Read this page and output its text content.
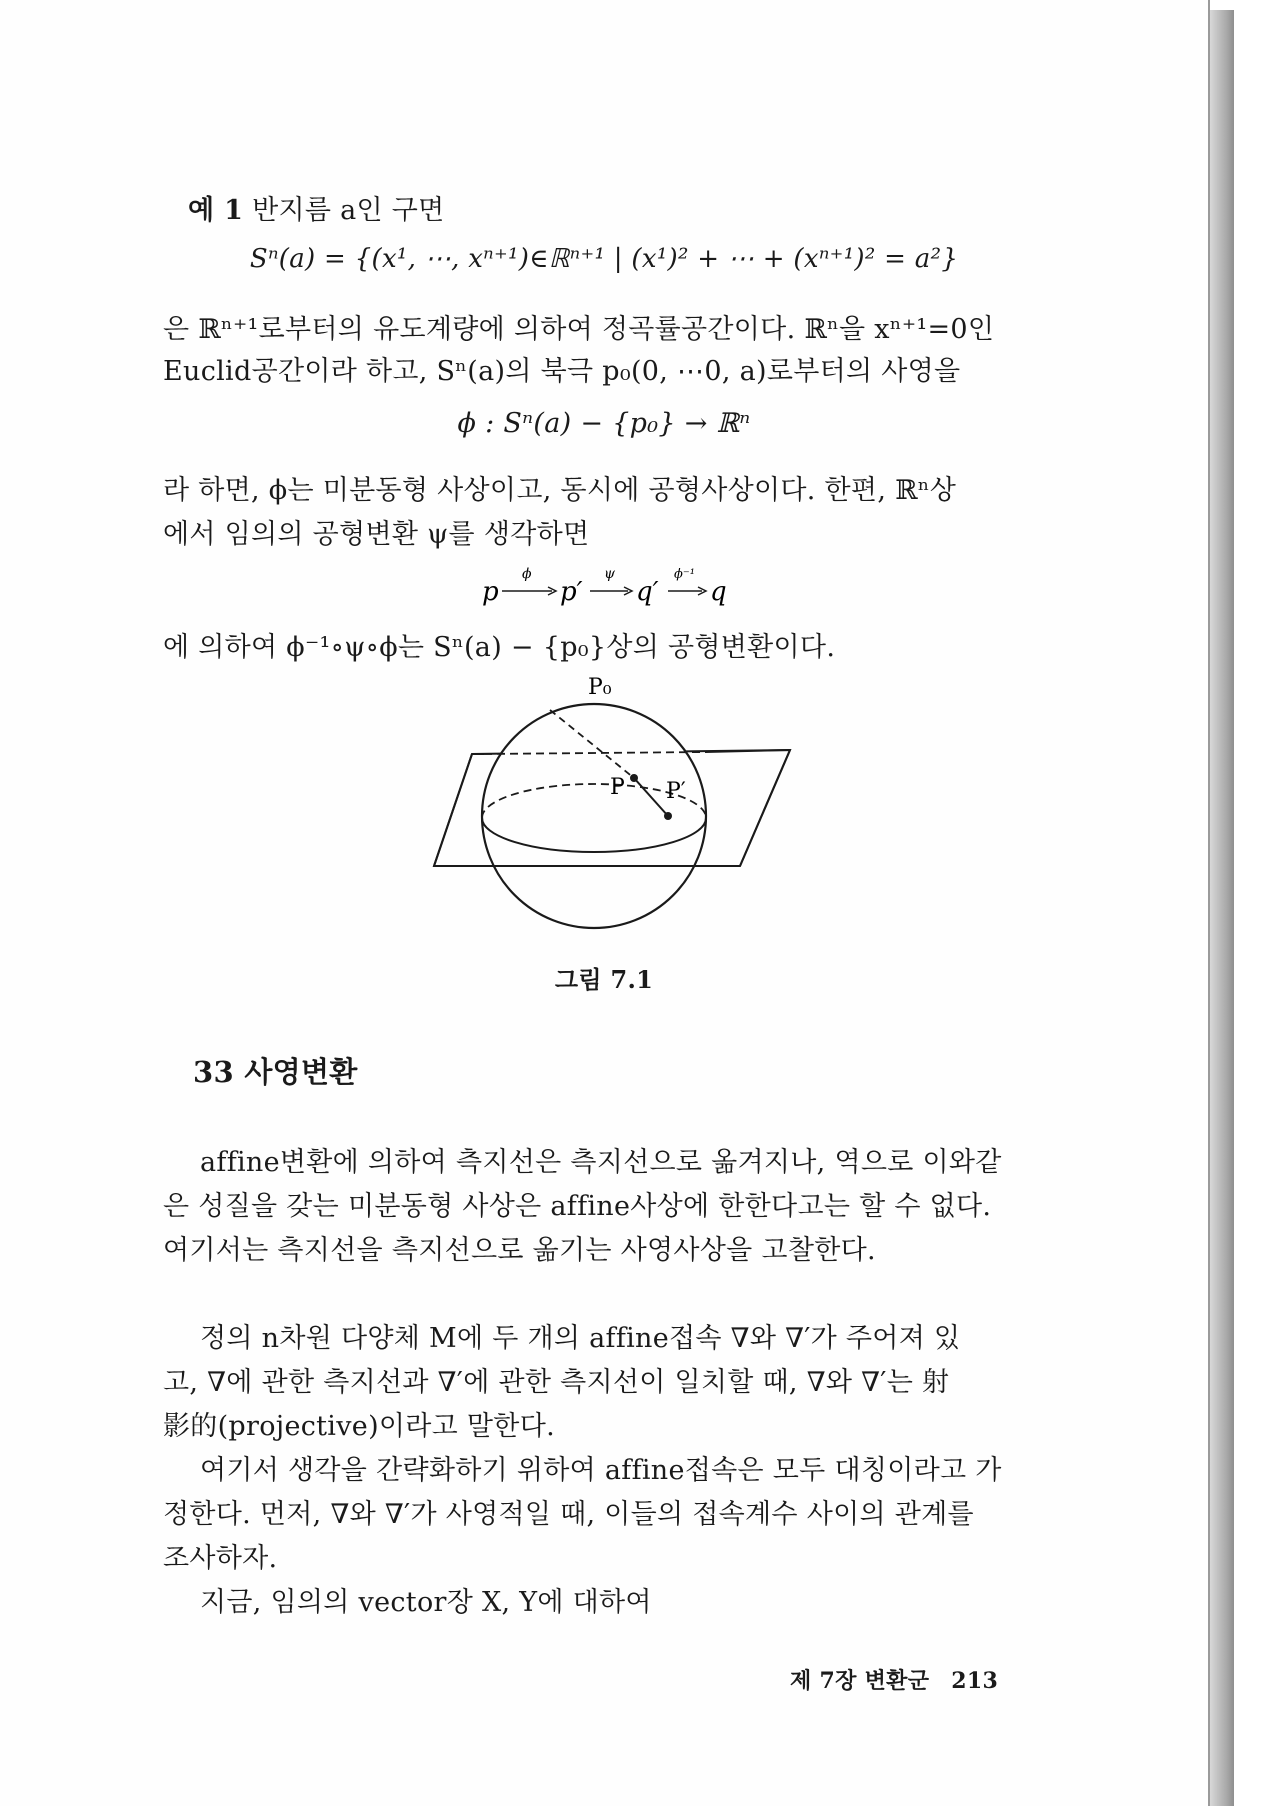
예 1 반지름 a인 구면
Sⁿ(a) = {(x¹, ⋯, xⁿ⁺¹)∈ℝⁿ⁺¹ | (x¹)² + ⋯ + (xⁿ⁺¹)² = a²}
은 ℝⁿ⁺¹로부터의 유도계량에 의하여 정곡률공간이다. ℝⁿ을 xⁿ⁺¹=0인
Euclid공간이라 하고, Sⁿ(a)의 북극 p₀(0, ⋯0, a)로부터의 사영을
ϕ : Sⁿ(a) − {p₀} → ℝⁿ
라 하면, ϕ는 미분동형 사상이고, 동시에 공형사상이다. 한편, ℝⁿ상
에서 임의의 공형변환 ψ를 생각하면
p
ϕ
p′
ψ
q′
ϕ⁻¹
q
에 의하여 ϕ⁻¹∘ψ∘ϕ는 Sⁿ(a) − {p₀}상의 공형변환이다.
P₀
P P′
그림 7.1
33 사영변환
affine변환에 의하여 측지선은 측지선으로 옮겨지나, 역으로 이와같
은 성질을 갖는 미분동형 사상은 affine사상에 한한다고는 할 수 없다.
여기서는 측지선을 측지선으로 옮기는 사영사상을 고찰한다.
정의 n차원 다양체 M에 두 개의 affine접속 ∇와 ∇′가 주어져 있
고, ∇에 관한 측지선과 ∇′에 관한 측지선이 일치할 때, ∇와 ∇′는 射
影的(projective)이라고 말한다.
여기서 생각을 간략화하기 위하여 affine접속은 모두 대칭이라고 가
정한다. 먼저, ∇와 ∇′가 사영적일 때, 이들의 접속계수 사이의 관계를
조사하자.
지금, 임의의 vector장 X, Y에 대하여
제 7장 변환군 213
